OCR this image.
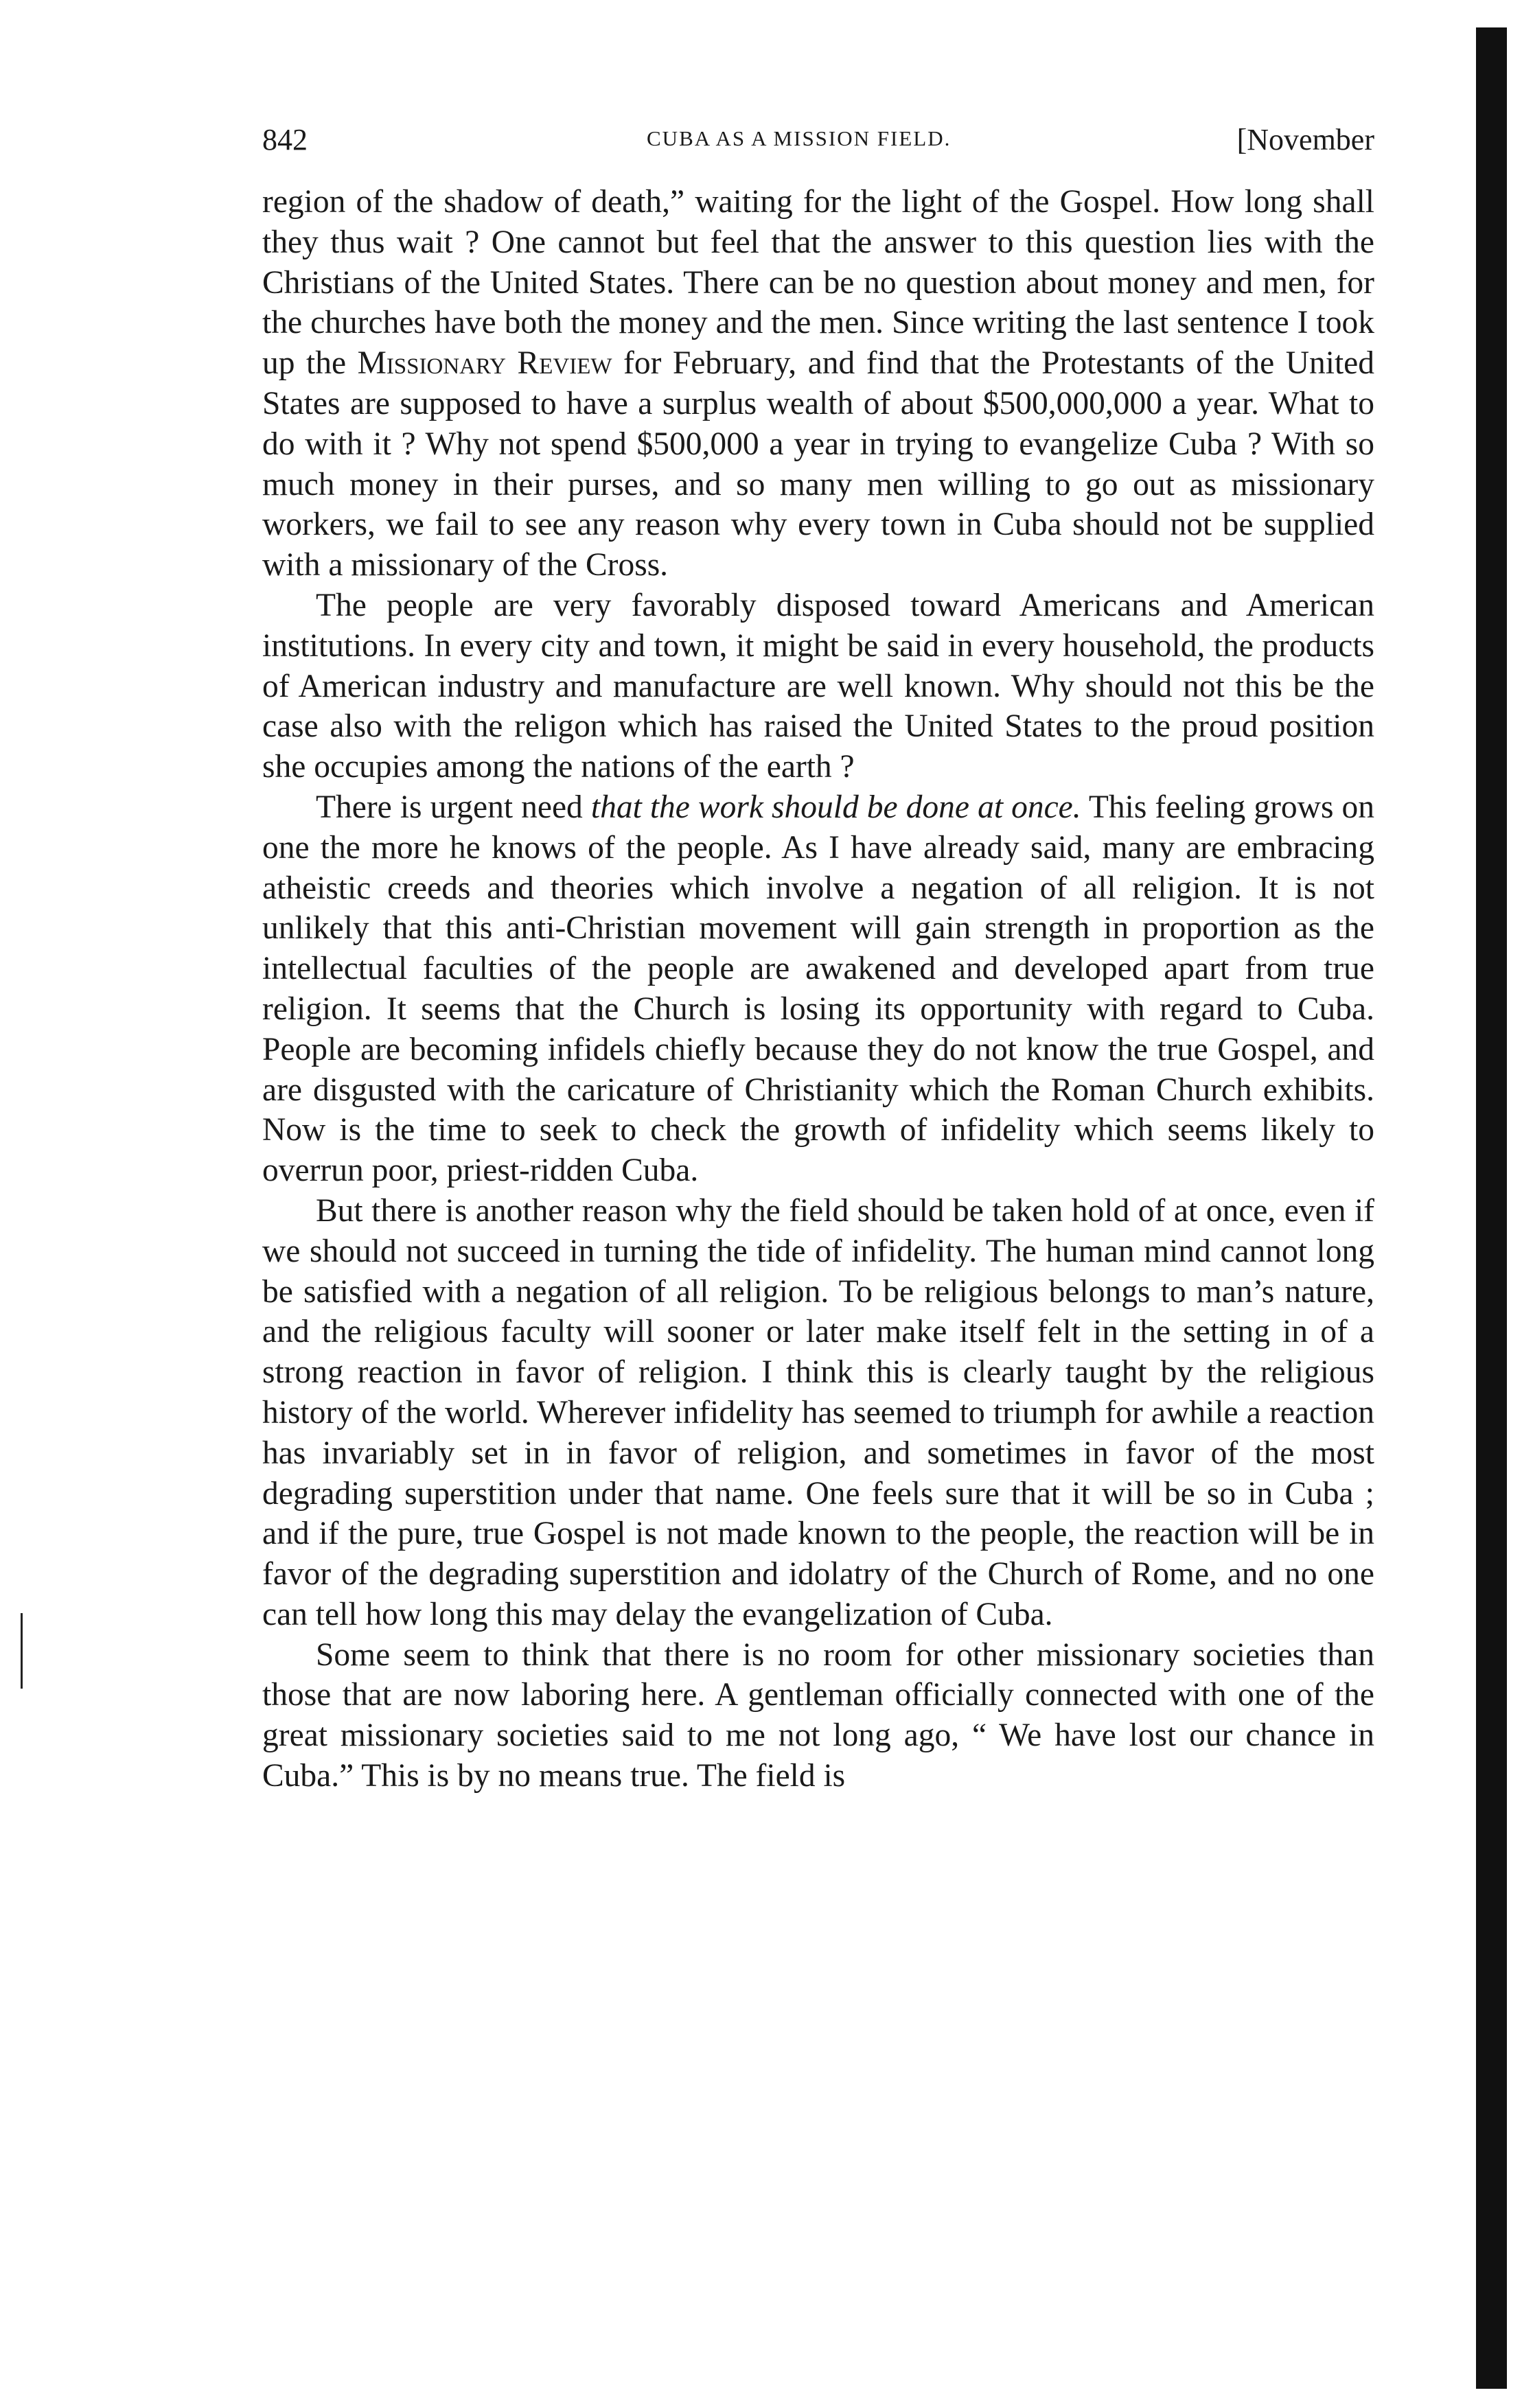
842	CUBA AS A MISSION FIELD.	[November

region of the shadow of death,” waiting for the light of the Gospel. How long shall they thus wait ? One cannot but feel that the answer to this question lies with the Christians of the United States. There can be no question about money and men, for the churches have both the money and the men. Since writing the last sentence I took up the Missionary Review for February, and find that the Protestants of the United States are supposed to have a surplus wealth of about $500,000,000 a year. What to do with it ? Why not spend $500,000 a year in trying to evangelize Cuba ? With so much money in their purses, and so many men willing to go out as missionary workers, we fail to see any reason why every town in Cuba should not be supplied with a missionary of the Cross.

The people are very favorably disposed toward Americans and American institutions. In every city and town, it might be said in every household, the products of American industry and manufacture are well known. Why should not this be the case also with the religon which has raised the United States to the proud position she occupies among the nations of the earth ?

There is urgent need that the work should be done at once. This feeling grows on one the more he knows of the people. As I have already said, many are embracing atheistic creeds and theories which involve a negation of all religion. It is not unlikely that this anti-Christian movement will gain strength in proportion as the intellectual faculties of the people are awakened and developed apart from true religion. It seems that the Church is losing its opportunity with regard to Cuba. People are becoming infidels chiefly because they do not know the true Gospel, and are disgusted with the caricature of Christianity which the Roman Church exhibits. Now is the time to seek to check the growth of infidelity which seems likely to overrun poor, priest-ridden Cuba.

But there is another reason why the field should be taken hold of at once, even if we should not succeed in turning the tide of infidelity. The human mind cannot long be satisfied with a negation of all religion. To be religious belongs to man’s nature, and the religious faculty will sooner or later make itself felt in the setting in of a strong reaction in favor of religion. I think this is clearly taught by the religious history of the world. Wherever infidelity has seemed to triumph for awhile a reaction has invariably set in in favor of religion, and sometimes in favor of the most degrading superstition under that name. One feels sure that it will be so in Cuba ; and if the pure, true Gospel is not made known to the people, the reaction will be in favor of the degrading superstition and idolatry of the Church of Rome, and no one can tell how long this may delay the evangelization of Cuba.

Some seem to think that there is no room for other missionary societies than those that are now laboring here. A gentleman officially connected with one of the great missionary societies said to me not long ago, “ We have lost our chance in Cuba.” This is by no means true. The field is
